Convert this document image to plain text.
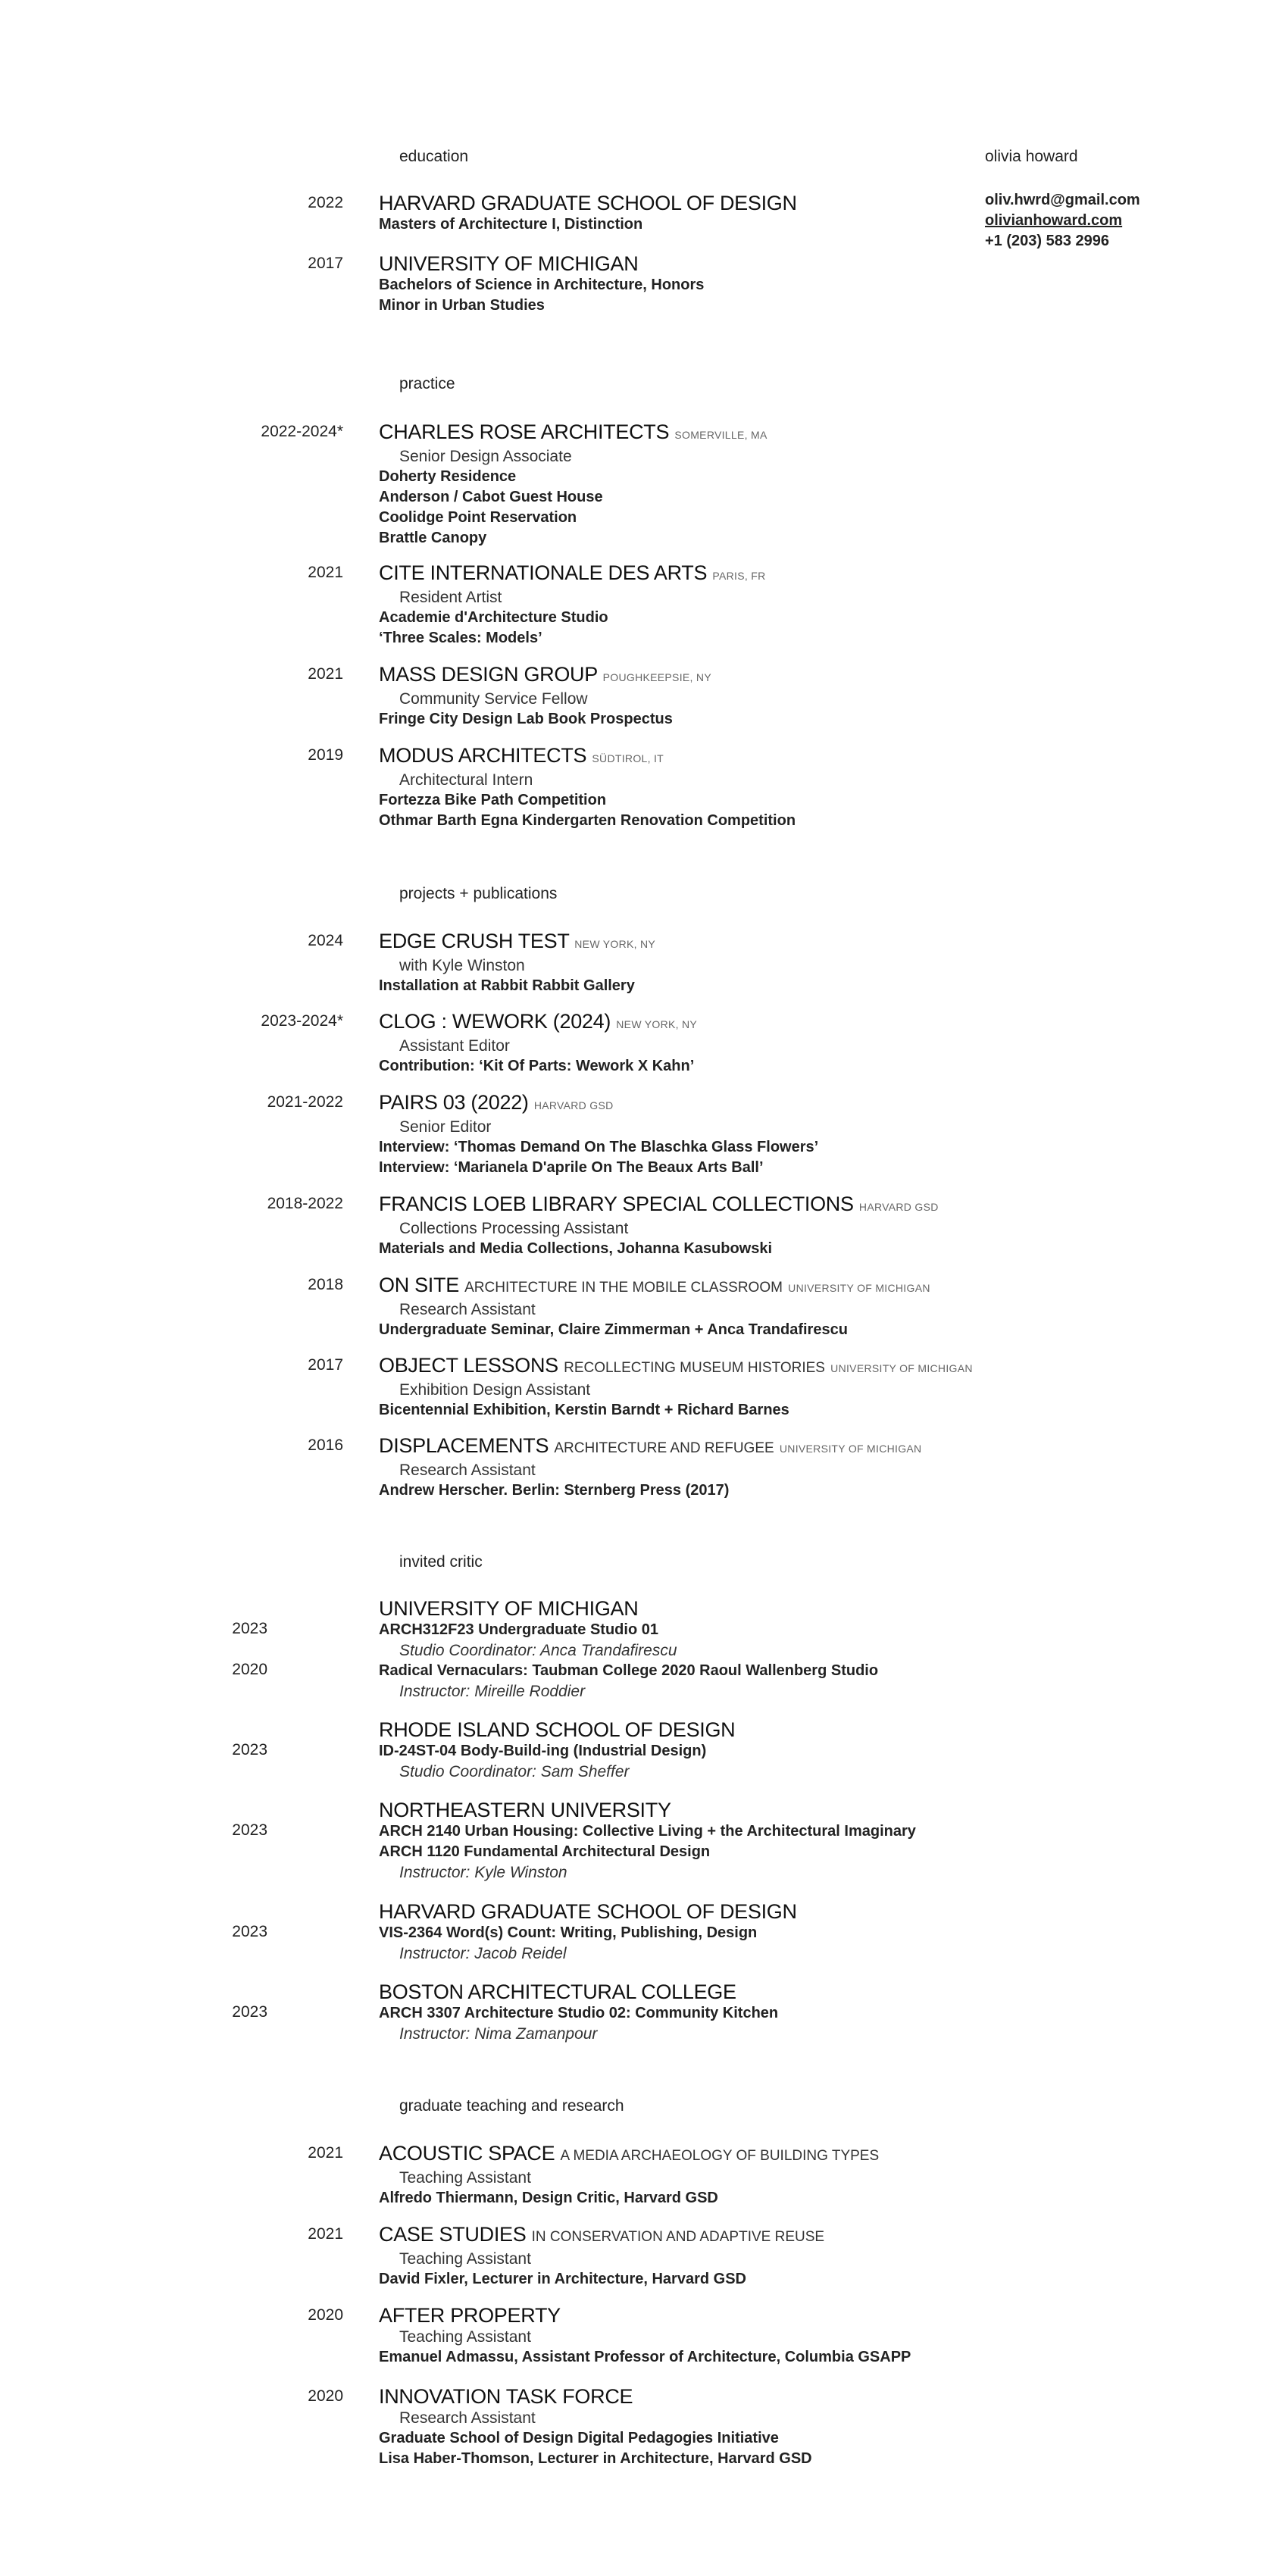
olivia howard
oliv.hwrd@gmail.com
olivianhoward.com
+1 (203) 583 2996
education
2022 HARVARD GRADUATE SCHOOL OF DESIGN
Masters of Architecture I, Distinction
2017 UNIVERSITY OF MICHIGAN
Bachelors of Science in Architecture, Honors
Minor in Urban Studies
practice
2022-2024* CHARLES ROSE ARCHITECTS SOMERVILLE, MA
Senior Design Associate
Doherty Residence
Anderson / Cabot Guest House
Coolidge Point Reservation
Brattle Canopy
2021 CITE INTERNATIONALE DES ARTS PARIS, FR
Resident Artist
Academie d'Architecture Studio
‘Three Scales: Models’
2021 MASS DESIGN GROUP POUGHKEEPSIE, NY
Community Service Fellow
Fringe City Design Lab Book Prospectus
2019 MODUS ARCHITECTS SÜDTIROL, IT
Architectural Intern
Fortezza Bike Path Competition
Othmar Barth Egna Kindergarten Renovation Competition
projects + publications
2024 EDGE CRUSH TEST NEW YORK, NY
with Kyle Winston
Installation at Rabbit Rabbit Gallery
2023-2024* CLOG : WEWORK (2024) NEW YORK, NY
Assistant Editor
Contribution: ‘Kit Of Parts: Wework X Kahn’
2021-2022 PAIRS 03 (2022) HARVARD GSD
Senior Editor
Interview: ‘Thomas Demand On The Blaschka Glass Flowers’
Interview: ‘Marianela D'aprile On The Beaux Arts Ball’
2018-2022 FRANCIS LOEB LIBRARY SPECIAL COLLECTIONS HARVARD GSD
Collections Processing Assistant
Materials and Media Collections, Johanna Kasubowski
2018 ON SITE ARCHITECTURE IN THE MOBILE CLASSROOM UNIVERSITY OF MICHIGAN
Research Assistant
Undergraduate Seminar, Claire Zimmerman + Anca Trandafirescu
2017 OBJECT LESSONS RECOLLECTING MUSEUM HISTORIES UNIVERSITY OF MICHIGAN
Exhibition Design Assistant
Bicentennial Exhibition, Kerstin Barndt + Richard Barnes
2016 DISPLACEMENTS ARCHITECTURE AND REFUGEE UNIVERSITY OF MICHIGAN
Research Assistant
Andrew Herscher. Berlin: Sternberg Press (2017)
invited critic
UNIVERSITY OF MICHIGAN
2023	ARCH312F23 Undergraduate Studio 01
Studio Coordinator: Anca Trandafirescu
2020	Radical Vernaculars: Taubman College 2020 Raoul Wallenberg Studio
Instructor: Mireille Roddier
RHODE ISLAND SCHOOL OF DESIGN
2023	ID-24ST-04 Body-Build-ing (Industrial Design)
Studio Coordinator: Sam Sheffer
NORTHEASTERN UNIVERSITY
2023	ARCH 2140 Urban Housing: Collective Living + the Architectural Imaginary
ARCH 1120 Fundamental Architectural Design
Instructor: Kyle Winston
HARVARD GRADUATE SCHOOL OF DESIGN
2023	VIS-2364 Word(s) Count: Writing, Publishing, Design
Instructor: Jacob Reidel
BOSTON ARCHITECTURAL COLLEGE
2023	ARCH 3307 Architecture Studio 02: Community Kitchen
Instructor: Nima Zamanpour
graduate teaching and research
2021 ACOUSTIC SPACE A MEDIA ARCHAEOLOGY OF BUILDING TYPES
Teaching Assistant
Alfredo Thiermann, Design Critic, Harvard GSD
2021 CASE STUDIES IN CONSERVATION AND ADAPTIVE REUSE
Teaching Assistant
David Fixler, Lecturer in Architecture, Harvard GSD
2020 AFTER PROPERTY
Teaching Assistant
Emanuel Admassu, Assistant Professor of Architecture, Columbia GSAPP
2020 INNOVATION TASK FORCE
Research Assistant
Graduate School of Design Digital Pedagogies Initiative
Lisa Haber-Thomson, Lecturer in Architecture, Harvard GSD
